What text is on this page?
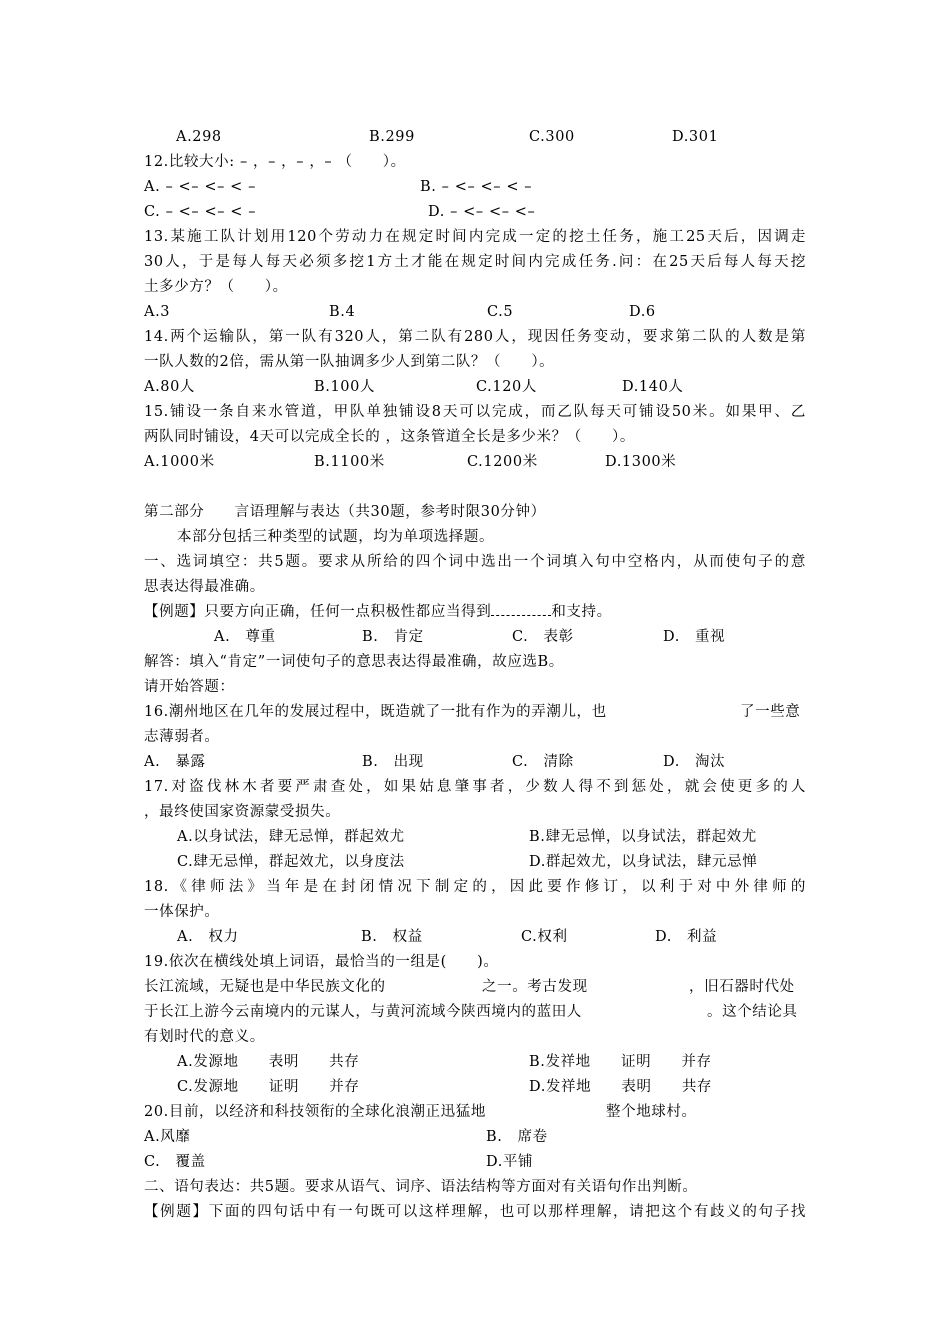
A.298	B.299	C.300	D.301
12.比较大小: – ，– ，– ，– （　　）。
A. – <– <– < –	B. – <– <– < –
C. – <– <– < –	D. – <– <– <–
13.某施工队计划用120个劳动力在规定时间内完成一定的挖土任务，施工25天后，因调走
30人，于是每人每天必须多挖1方土才能在规定时间内完成任务.问：在25天后每人每天挖
土多少方？（　　）。
A.3	B.4	C.5	D.6
14.两个运输队，第一队有320人，第二队有280人，现因任务变动，要求第二队的人数是第
一队人数的2倍，需从第一队抽调多少人到第二队？（　　）。
A.80人	B.100人	C.120人	D.140人
15.铺设一条自来水管道，甲队单独铺设8天可以完成，而乙队每天可铺设50米。如果甲、乙
两队同时铺设，4天可以完成全长的 ，这条管道全长是多少米？（　　）。
A.1000米	B.1100米	C.1200米	D.1300米
第二部分　　言语理解与表达（共30题，参考时限30分钟）
本部分包括三种类型的试题，均为单项选择题。
一、选词填空：共5题。要求从所给的四个词中选出一个词填入句中空格内，从而使句子的意
思表达得最准确。
【例题】只要方向正确，任何一点积极性都应当得到	和支持。
A.　尊重	B.　肯定	C.　表彰	D.　重视
解答：填入“肯定”一词使句子的意思表达得最准确，故应选B。
请开始答题：
16.潮州地区在几年的发展过程中，既造就了一批有作为的弄潮儿，也	了一些意
志薄弱者。
A.　暴露	B.　出现	C.　清除	D.　淘汰
17.对盗伐林木者要严肃查处，如果姑息肇事者，少数人得不到惩处，就会使更多的人
，最终使国家资源蒙受损失。
A.以身试法，肆无忌惮，群起效尤	B.肆无忌惮，以身试法，群起效尤
C.肆无忌惮，群起效尤，以身度法	D.群起效尤，以身试法，肆元忌惮
18.《律师法》当年是在封闭情况下制定的，因此要作修订，以利于对中外律师的
一体保护。
A.　权力	B.　权益	C.权利	D.　利益
19.依次在横线处填上词语，最恰当的一组是(　　)。
长江流域，无疑也是中华民族文化的	之一。考古发现	，旧石器时代处
于长江上游今云南境内的元谋人，与黄河流域今陕西境内的蓝田人	。这个结论具
有划时代的意义。
A.发源地　　表明　　共存	B.发祥地　　证明　　并存
C.发源地　　证明　　并存	D.发祥地　　表明　　共存
20.目前，以经济和科技领衔的全球化浪潮正迅猛地	整个地球村。
A.风靡	B.　席卷
C.　覆盖	D.平铺
二、语句表达：共5题。要求从语气、词序、语法结构等方面对有关语句作出判断。
【例题】下面的四句话中有一句既可以这样理解，也可以那样理解，请把这个有歧义的句子找
